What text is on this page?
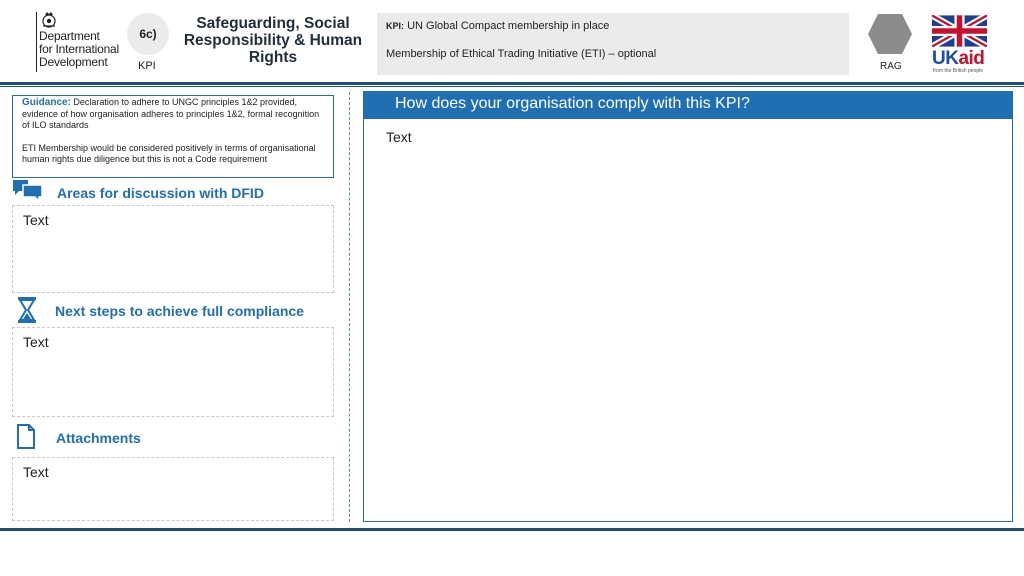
Department
for International
Development
6c)
KPI
Safeguarding, Social Responsibility & Human Rights
KPI: UN Global Compact membership in place
Membership of Ethical Trading Initiative (ETI) – optional
RAG UKaid
from the British people

Guidance: Declaration to adhere to UNGC principles 1&2 provided, evidence of how organisation adheres to principles 1&2, formal recognition of ILO standards

ETI Membership would be considered positively in terms of organisational human rights due diligence but this is not a Code requirement

Areas for discussion with DFID
Text
Next steps to achieve full compliance
Text
Attachments
Text
How does your organisation comply with this KPI?
Text
